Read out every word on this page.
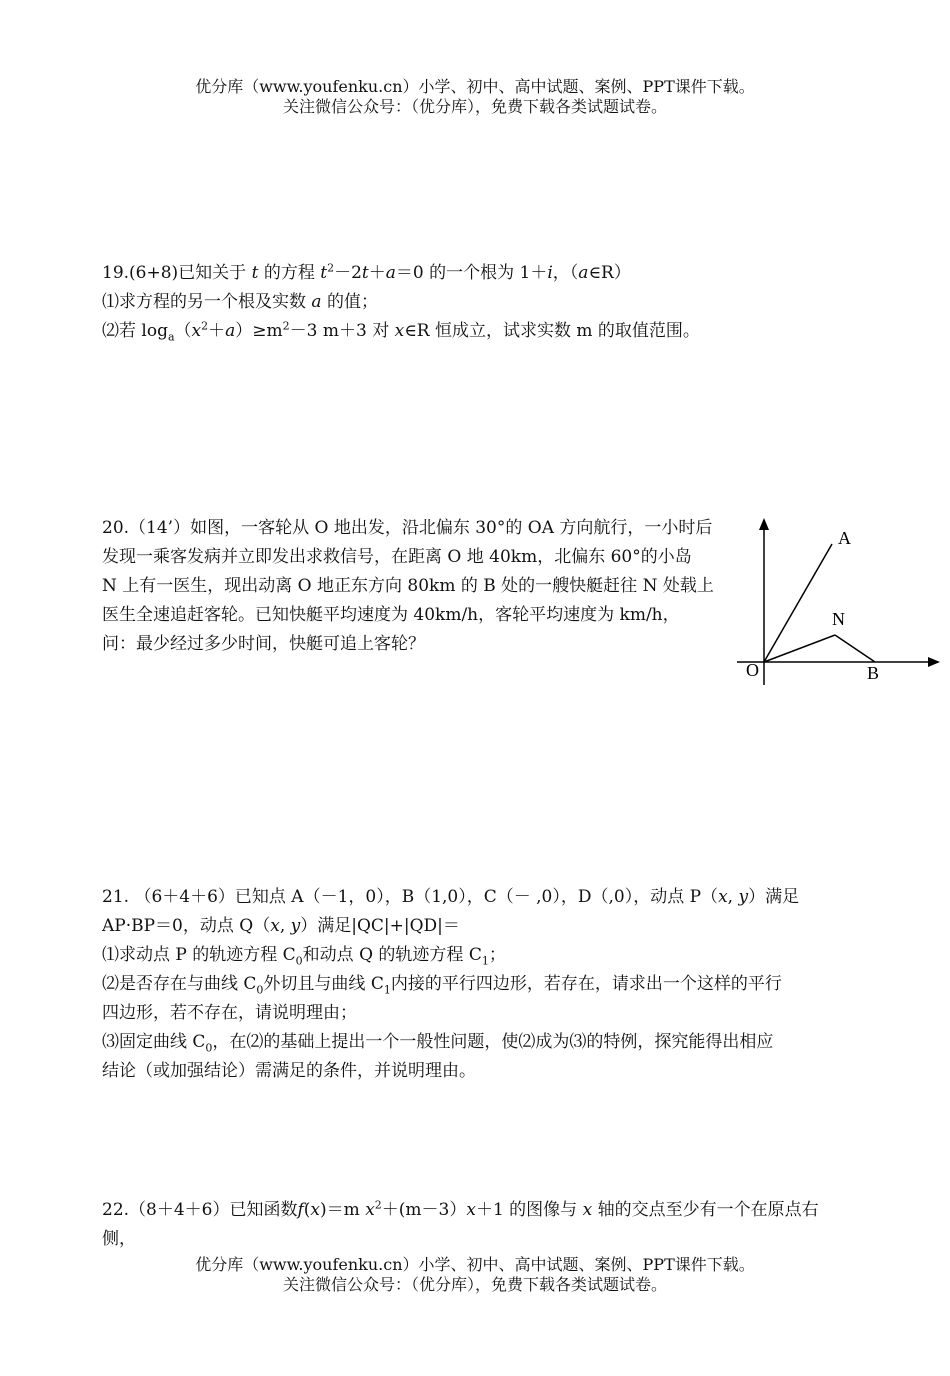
优分库（www.youfenku.cn）小学、初中、高中试题、案例、PPT课件下载。
关注微信公众号：（优分库），免费下载各类试题试卷。
19.(6+8)已知关于 t 的方程 $t^2-2t+a=0$ 的一个根为 1＋i，（a∈R）
⑴求方程的另一个根及实数 a 的值；
⑵若 $\log_a(x^2+a)\ge m^2-3$ m＋3 对 x∈R 恒成立，试求实数 m 的取值范围。
20.（14’）如图，一客轮从 O 地出发，沿北偏东 30°的 OA 方向航行，一小时后
发现一乘客发病并立即发出求救信号，在距离 O 地 40km，北偏东 60°的小岛
N 上有一医生，现出动离 O 地正东方向 80km 的 B 处的一艘快艇赶往 N 处载上
医生全速追赶客轮。已知快艇平均速度为 40km/h，客轮平均速度为 km/h，
问：最少经过多少时间，快艇可追上客轮？
A
N
O	B
21. （6＋4＋6）已知点 A（－1，0），B（1,0），C（－ ,0），D（,0），动点 P（x, y）满足
AP·BP＝0，动点 Q（x, y）满足|QC|+|QD|＝
⑴求动点 P 的轨迹方程 $C_0$和动点 Q 的轨迹方程 $C_1$；
⑵是否存在与曲线 $C_0$外切且与曲线 $C_1$内接的平行四边形，若存在，请求出一个这样的平行
四边形，若不存在，请说明理由；
⑶固定曲线 $C_0$，在⑵的基础上提出一个一般性问题，使⑵成为⑶的特例，探究能得出相应
结论（或加强结论）需满足的条件，并说明理由。
22.（8＋4＋6）已知函数f(x)＝m $x^2+(m-3)x+1$ 的图像与 x 轴的交点至少有一个在原点右
侧，
优分库（www.youfenku.cn）小学、初中、高中试题、案例、PPT课件下载。
关注微信公众号：（优分库），免费下载各类试题试卷。
